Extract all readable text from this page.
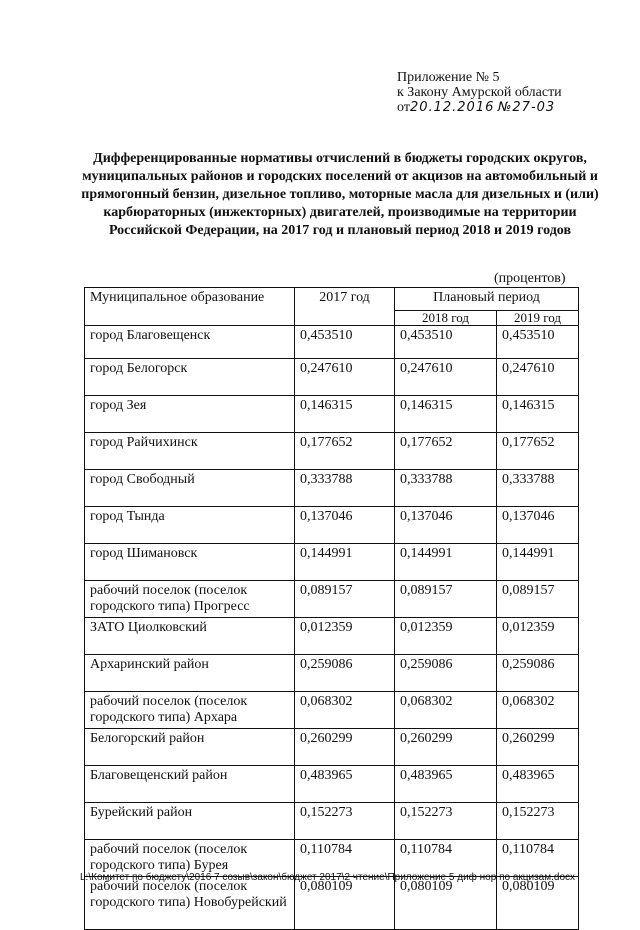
Приложение № 5
к Закону Амурской области
от20.12.2016 №27-03
Дифференцированные нормативы отчислений в бюджеты городских округов, муниципальных районов и городских поселений от акцизов на автомобильный и прямогонный бензин, дизельное топливо, моторные масла для дизельных и (или) карбюраторных (инжекторных) двигателей, производимые на территории Российской Федерации, на 2017 год и плановый период 2018 и 2019 годов
(процентов)
Муниципальное образование	2017 год	Плановый период	
		2018 год	2019 год
город Благовещенск	0,453510	0,453510	0,453510
город Белогорск	0,247610	0,247610	0,247610
город Зея	0,146315	0,146315	0,146315
город Райчихинск	0,177652	0,177652	0,177652
город Свободный	0,333788	0,333788	0,333788
город Тында	0,137046	0,137046	0,137046
город Шимановск	0,144991	0,144991	0,144991
рабочий поселок (поселок городского типа) Прогресс	0,089157	0,089157	0,089157
ЗАТО Циолковский	0,012359	0,012359	0,012359
Архаринский район	0,259086	0,259086	0,259086
рабочий поселок (поселок городского типа) Архара	0,068302	0,068302	0,068302
Белогорский район	0,260299	0,260299	0,260299
Благовещенский район	0,483965	0,483965	0,483965
Бурейский район	0,152273	0,152273	0,152273
рабочий поселок (поселок городского типа) Бурея	0,110784	0,110784	0,110784
рабочий поселок (поселок городского типа) Новобурейский	0,080109	0,080109	0,080109
L:\Комитет по бюджету\2016 7 созыв\закон\бюджет 2017\2 чтение\Приложение 5 диф нор по акцизам.docx
